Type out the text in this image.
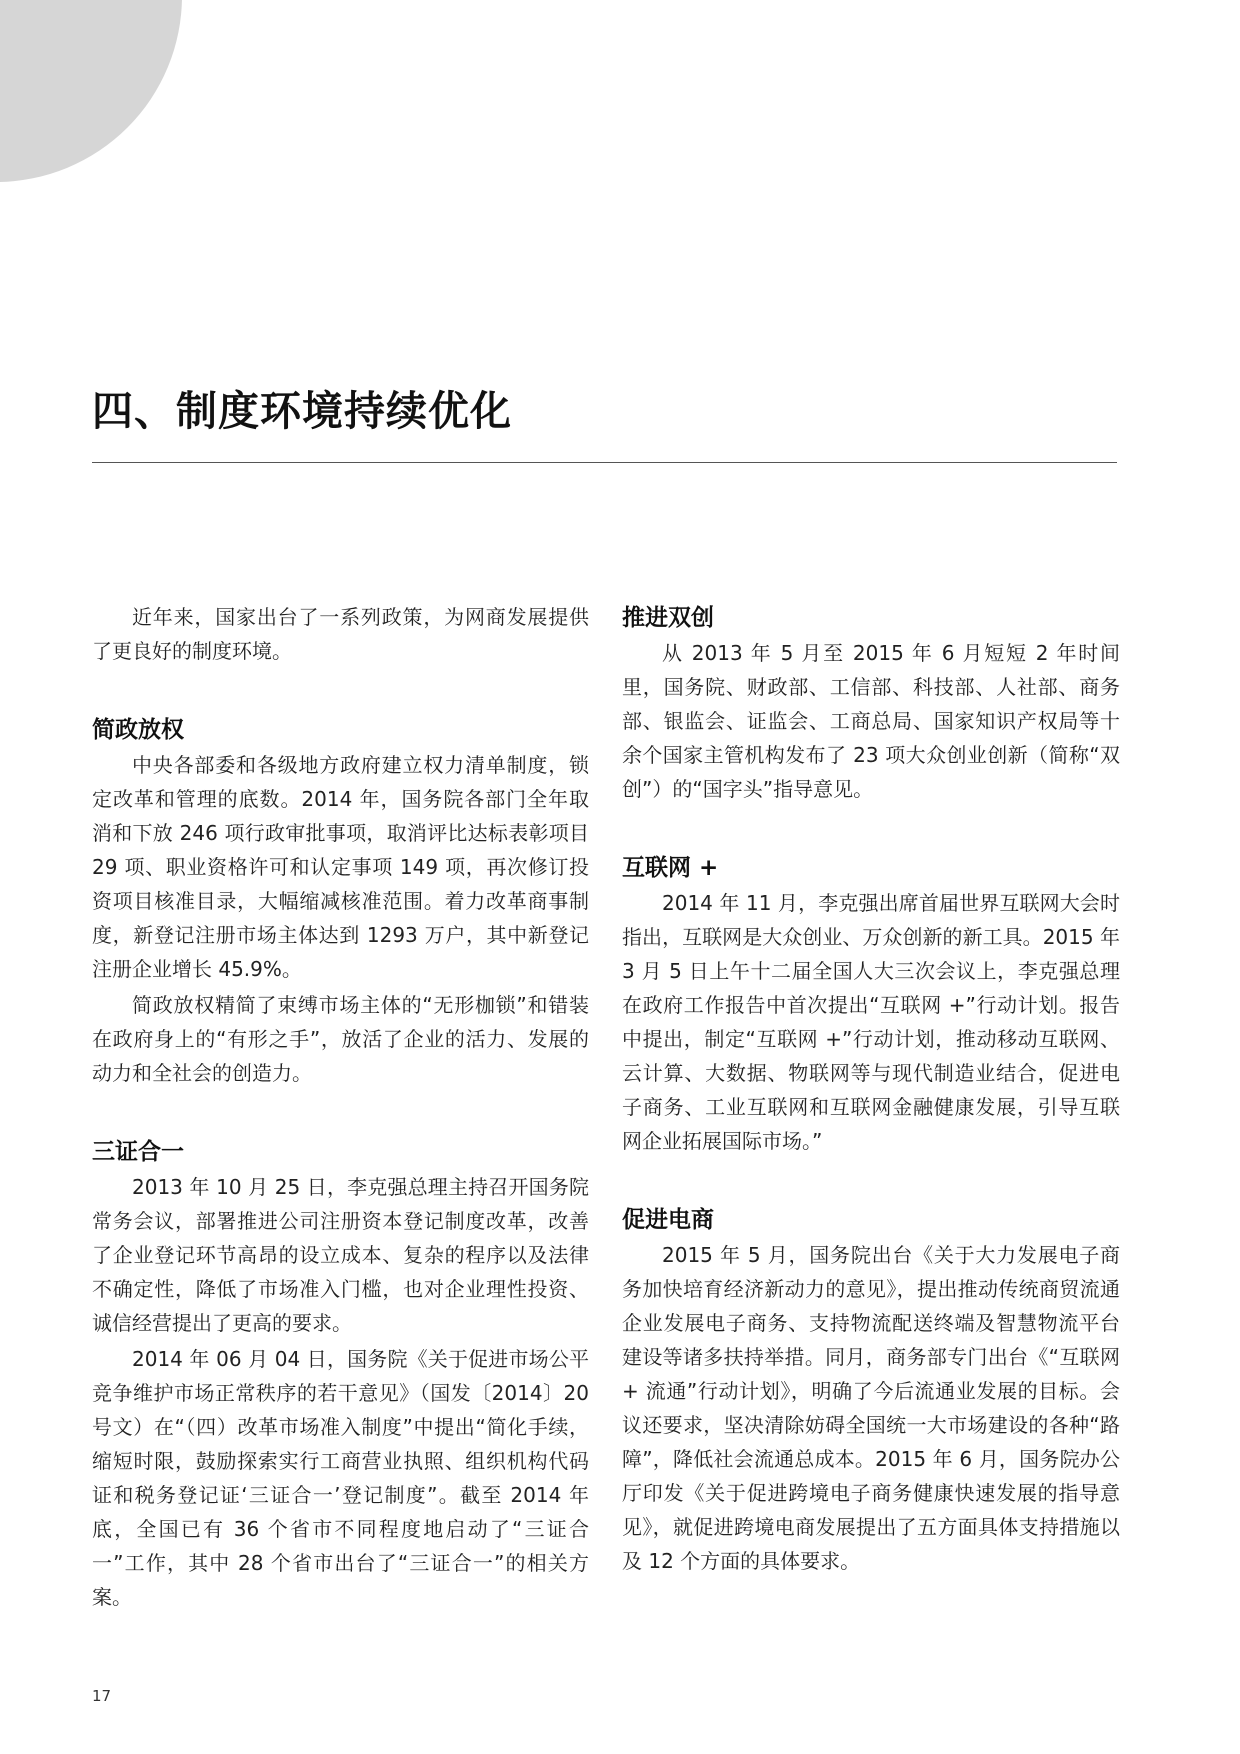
四、制度环境持续优化

近年来，国家出台了一系列政策，为网商发展提供了更良好的制度环境。

简政放权

中央各部委和各级地方政府建立权力清单制度，锁定改革和管理的底数。2014 年，国务院各部门全年取消和下放 246 项行政审批事项，取消评比达标表彰项目 29 项、职业资格许可和认定事项 149 项，再次修订投资项目核准目录，大幅缩减核准范围。着力改革商事制度，新登记注册市场主体达到 1293 万户，其中新登记注册企业增长 45.9%。

简政放权精简了束缚市场主体的“无形枷锁”和错装在政府身上的“有形之手”，放活了企业的活力、发展的动力和全社会的创造力。

三证合一

2013 年 10 月 25 日，李克强总理主持召开国务院常务会议，部署推进公司注册资本登记制度改革，改善了企业登记环节高昂的设立成本、复杂的程序以及法律不确定性，降低了市场准入门槛，也对企业理性投资、诚信经营提出了更高的要求。

2014 年 06 月 04 日，国务院《关于促进市场公平竞争维护市场正常秩序的若干意见》（国发〔2014〕20 号文）在“（四）改革市场准入制度”中提出“简化手续，缩短时限，鼓励探索实行工商营业执照、组织机构代码证和税务登记证‘三证合一’登记制度”。截至 2014 年底，全国已有 36 个省市不同程度地启动了“三证合一”工作，其中 28 个省市出台了“三证合一”的相关方案。

推进双创

从 2013 年 5 月至 2015 年 6 月短短 2 年时间里，国务院、财政部、工信部、科技部、人社部、商务部、银监会、证监会、工商总局、国家知识产权局等十余个国家主管机构发布了 23 项大众创业创新（简称“双创”）的“国字头”指导意见。

互联网 +

2014 年 11 月，李克强出席首届世界互联网大会时指出，互联网是大众创业、万众创新的新工具。2015 年 3 月 5 日上午十二届全国人大三次会议上，李克强总理在政府工作报告中首次提出“互联网 +”行动计划。报告中提出，制定“互联网 +”行动计划，推动移动互联网、云计算、大数据、物联网等与现代制造业结合，促进电子商务、工业互联网和互联网金融健康发展，引导互联网企业拓展国际市场。”

促进电商

2015 年 5 月，国务院出台《关于大力发展电子商务加快培育经济新动力的意见》，提出推动传统商贸流通企业发展电子商务、支持物流配送终端及智慧物流平台建设等诸多扶持举措。同月，商务部专门出台《“互联网 + 流通”行动计划》，明确了今后流通业发展的目标。会议还要求，坚决清除妨碍全国统一大市场建设的各种“路障”，降低社会流通总成本。2015 年 6 月，国务院办公厅印发《关于促进跨境电子商务健康快速发展的指导意见》，就促进跨境电商发展提出了五方面具体支持措施以及 12 个方面的具体要求。

17
